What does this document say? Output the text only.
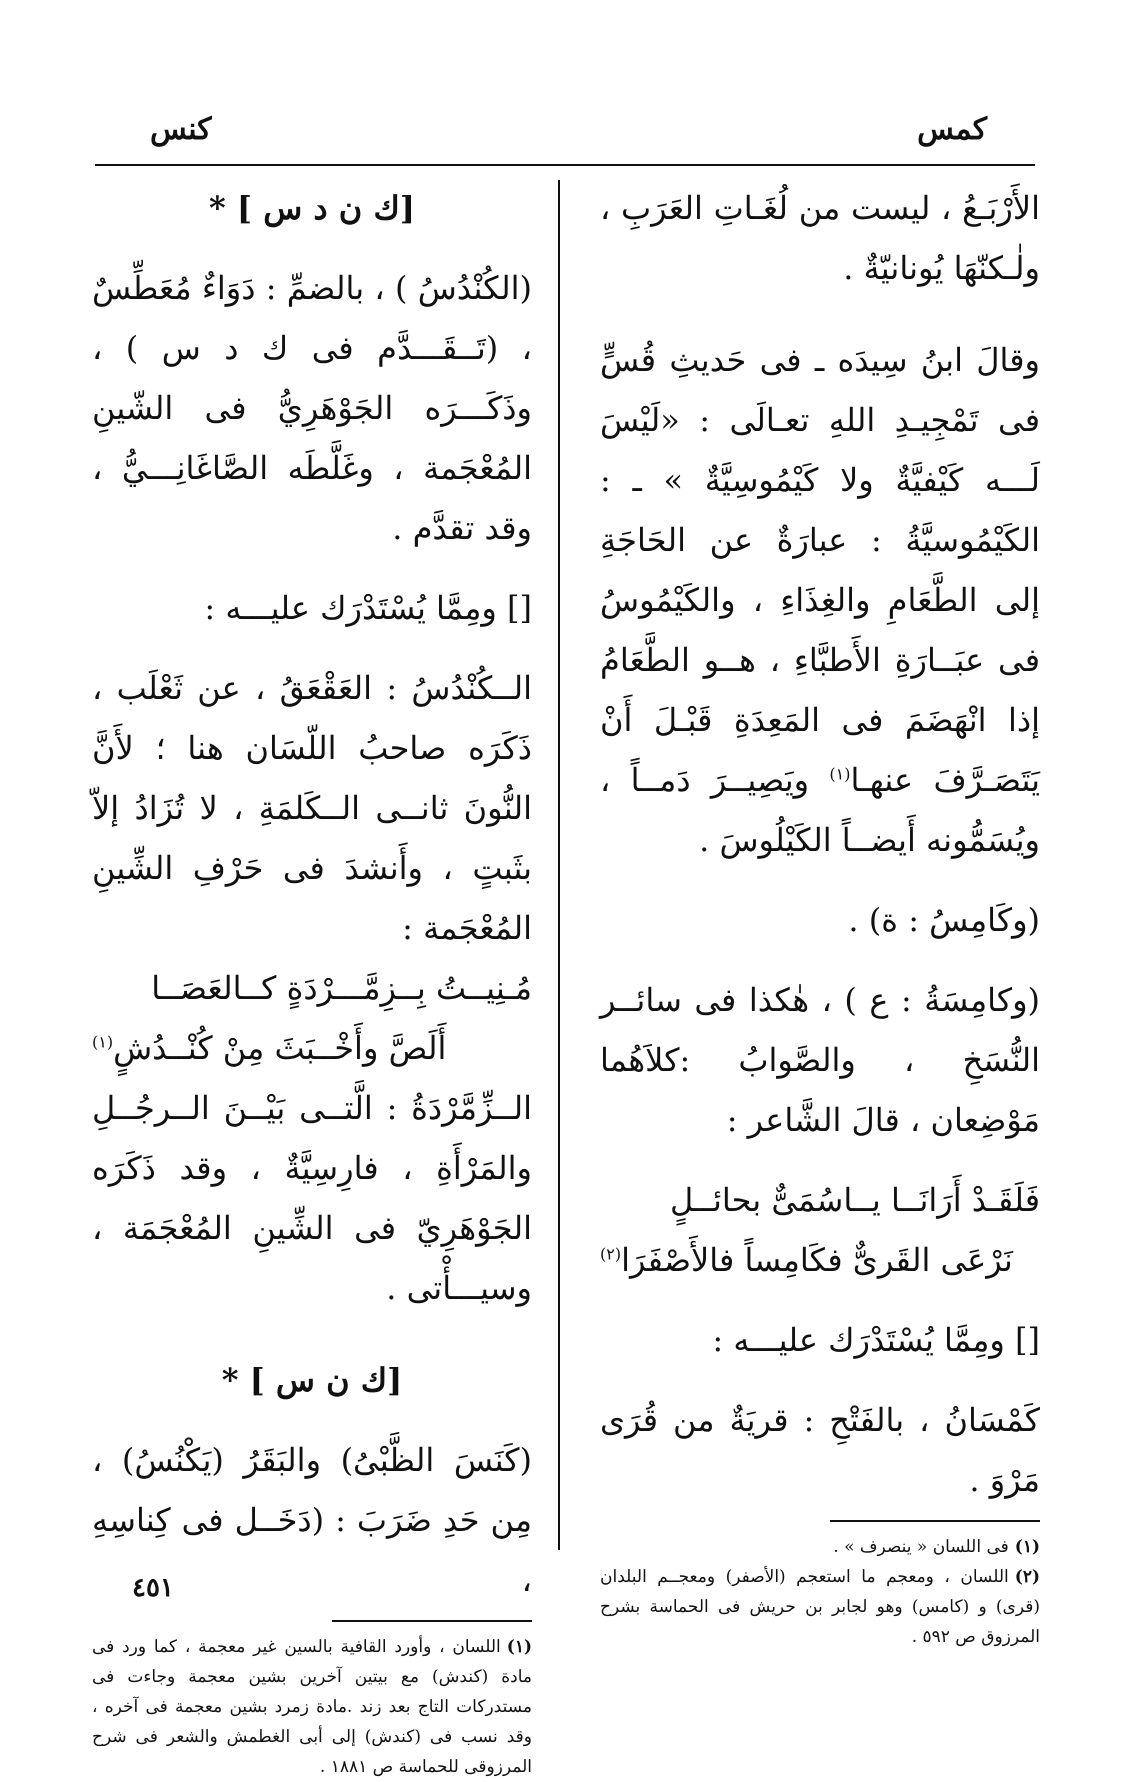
كمس
كنس

الأَرْبَـعُ ، ليست من لُغَـاتِ العَرَبِ ، ولٰـكنّهَا يُونانيّةٌ .

وقالَ ابنُ سِيدَه ـ فى حَديثِ قُسٍّ فى تَمْجِيـدِ اللهِ تعـالَى : «لَيْسَ لَـــه كَيْفيَّةٌ ولا كَيْمُوسِيَّةٌ » ـ : الكَيْمُوسيَّةُ : عبارَةٌ عن الحَاجَةِ إلى الطَّعَامِ والغِذَاءِ ، والكَيْمُوسُ فى عبَــارَةِ الأَطبَّاءِ ، هــو الطَّعَامُ إذا انْهَضَمَ فى المَعِدَةِ قَبْـلَ أَنْ يَتَصَـرَّفَ عنهـا$^{(١)}$ ويَصِيــرَ دَمــاً ، ويُسَمُّونه أَيضــاً الكَيْلُوسَ .

(وكَامِسُ : ة) .

(وكامِسَةُ : ع ) ، هٰكذا فى سائــر النُّسَخِ ، والصَّوابُ :كلاَهُما مَوْضِعان ، قالَ الشَّاعر :

فَلَقَـدْ أَرَانَــا يــاسُمَىٌّ بحائــلٍ

نَرْعَى القَرىٌّ فكَامِساً فالأَصْفَرَا$^{(٢)}$

[] ومِمَّا يُسْتَدْرَك عليـــه :

كَمْسَانُ ، بالفَتْحِ : قريَةٌ من قُرَى مَرْوَ .

(١)فى اللسان « ينصرف » .
(٢)اللسان ، ومعجم ما استعجم (الأصفر) ومعجــم البلدان (قرى) و (كامس) وهو لجابر بن حريش فى الحماسة بشرح المرزوق ص ٥٩٢ .

[ك ن د س ] *

(الكُنْدُسُ ) ، بالضمِّ : دَوَاءٌ مُعَطِّسٌ ، (تَــقَـــدَّم فى ك د س ) ، وذَكَـــرَه الجَوْهَرِيُّ فى الشّينِ المُعْجَمة ، وغَلَّطَه الصَّاغَانِـــيُّ ، وقد تقدَّم .

[] ومِمَّا يُسْتَدْرَك عليـــه :

الــكُنْدُسُ : العَقْعَقُ ، عن ثَعْلَب ، ذَكَرَه صاحبُ اللّسَان هنا ؛ لأَنَّ النُّونَ ثانــى الــكَلمَةِ ، لا تُزَادُ إلاّ بثَبتٍ ، وأَنشدَ فى حَرْفِ الشِّينِ المُعْجَمة :

مُـنِيــتُ بِــزِمَّـــرْدَةٍ كــالعَصَــا

أَلَصَّ وأَخْــبَثَ مِنْ كُنْــدُشٍ$^{(١)}$

الــزِّمَّرْدَةُ : الَّتــى بَيْــنَ الــرجُــلِ والمَرْأَةِ ، فارِسِيَّةٌ ، وقد ذَكَرَه الجَوْهَرِيّ فى الشِّينِ المُعْجَمَة ، وسيـــأْتى .

[ك ن س ] *

(كَنَسَ الظَّبْىُ) والبَقَرُ (يَكْنُسُ) ، مِن حَدِ ضَرَبَ : (دَخَــل فى كِناسِهِ ،

(١)اللسان ، وأورد القافية بالسين غير معجمة ، كما ورد فى مادة (كندش) مع بيتين آخرين بشين معجمة وجاءت فى مستدركات التاج بعد زند .مادة زمرد بشين معجمة فى آخره ، وقد نسب فى (كندش) إلى أبى الغطمش والشعر فى شرح المرزوقى للحماسة ص ١٨٨١ .
٤٥١
